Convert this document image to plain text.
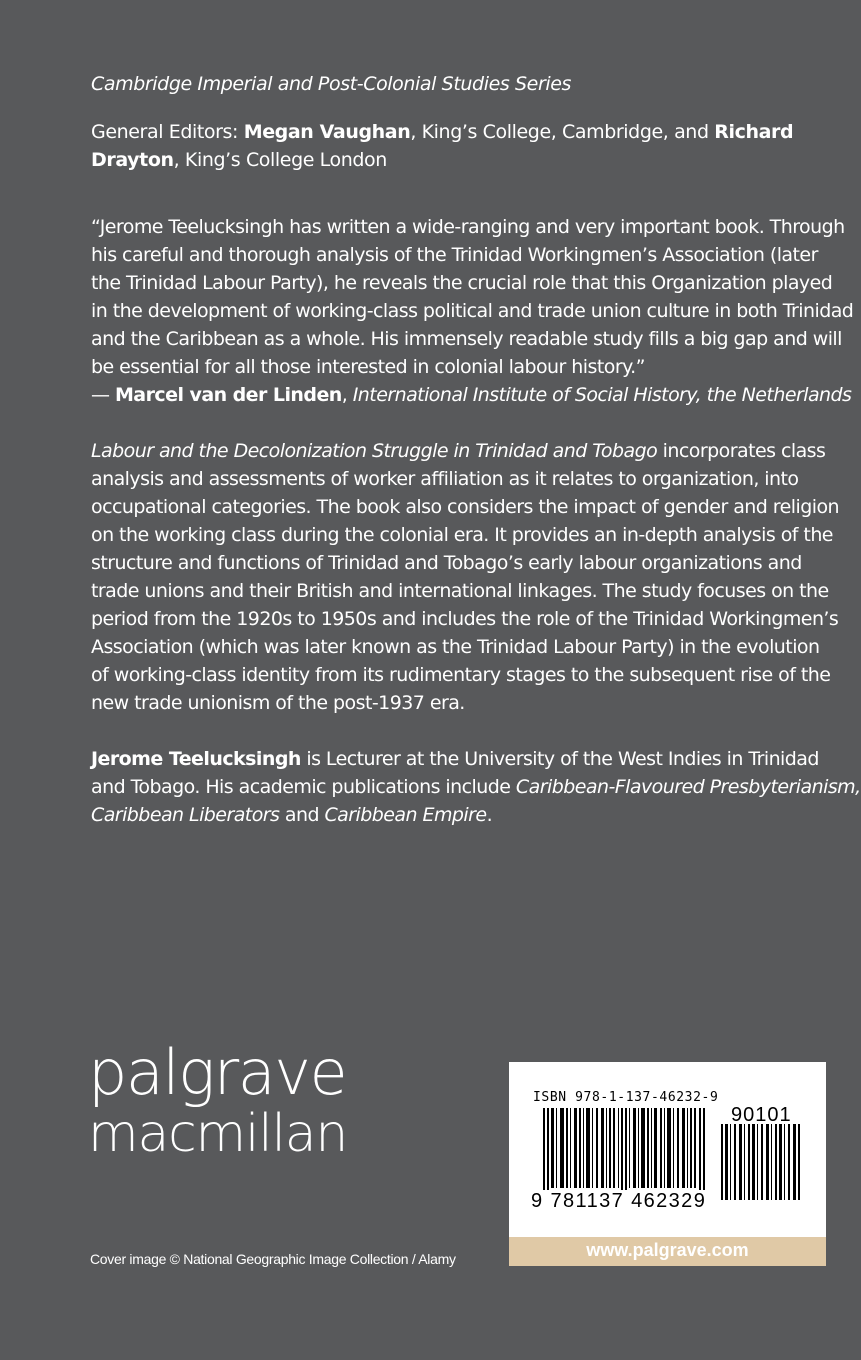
Cambridge Imperial and Post-Colonial Studies Series
General Editors: Megan Vaughan, King’s College, Cambridge, and Richard
Drayton, King’s College London
“Jerome Teelucksingh has written a wide-ranging and very important book. Through
his careful and thorough analysis of the Trinidad Workingmen’s Association (later
the Trinidad Labour Party), he reveals the crucial role that this Organization played
in the development of working-class political and trade union culture in both Trinidad
and the Caribbean as a whole. His immensely readable study fills a big gap and will
be essential for all those interested in colonial labour history.”
— Marcel van der Linden, International Institute of Social History, the Netherlands
Labour and the Decolonization Struggle in Trinidad and Tobago incorporates class
analysis and assessments of worker affiliation as it relates to organization, into
occupational categories. The book also considers the impact of gender and religion
on the working class during the colonial era. It provides an in-depth analysis of the
structure and functions of Trinidad and Tobago’s early labour organizations and
trade unions and their British and international linkages. The study focuses on the
period from the 1920s to 1950s and includes the role of the Trinidad Workingmen’s
Association (which was later known as the Trinidad Labour Party) in the evolution
of working-class identity from its rudimentary stages to the subsequent rise of the
new trade unionism of the post-1937 era.
Jerome Teelucksingh is Lecturer at the University of the West Indies in Trinidad
and Tobago. His academic publications include Caribbean-Flavoured Presbyterianism,
Caribbean Liberators and Caribbean Empire.
palgrave
macmillan
Cover image © National Geographic Image Collection / Alamy
ISBN 978-1-137-46232-9
90101
9 781137 462329
www.palgrave.com
